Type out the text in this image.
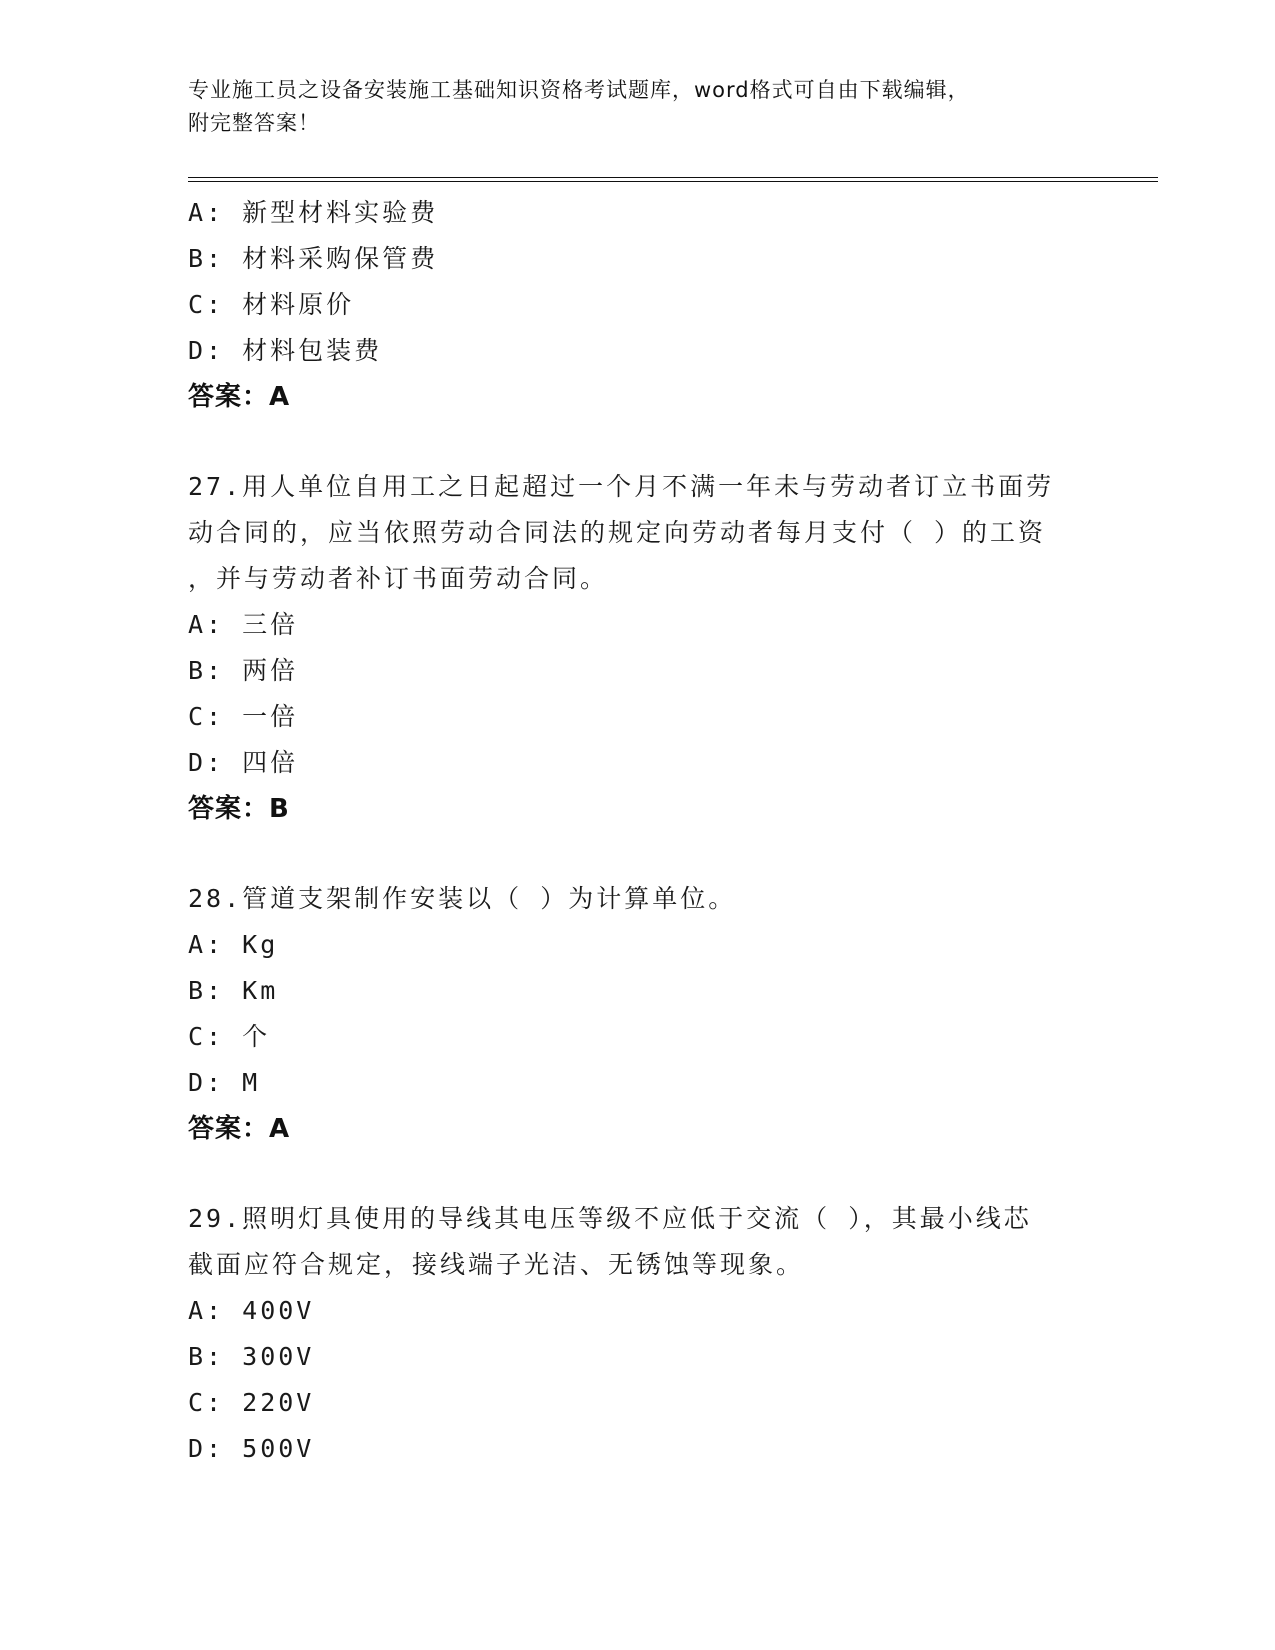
专业施工员之设备安装施工基础知识资格考试题库，word格式可自由下载编辑，
附完整答案！
A: 新型材料实验费
B: 材料采购保管费
C: 材料原价
D: 材料包装费
答案：A
27.用人单位自用工之日起超过一个月不满一年未与劳动者订立书面劳
动合同的，应当依照劳动合同法的规定向劳动者每月支付（ ）的工资
，并与劳动者补订书面劳动合同。
A: 三倍
B: 两倍
C: 一倍
D: 四倍
答案：B
28.管道支架制作安装以（ ）为计算单位。
A: Kg
B: Km
C: 个
D: M
答案：A
29.照明灯具使用的导线其电压等级不应低于交流（ ），其最小线芯
截面应符合规定，接线端子光洁、无锈蚀等现象。
A: 400V
B: 300V
C: 220V
D: 500V
